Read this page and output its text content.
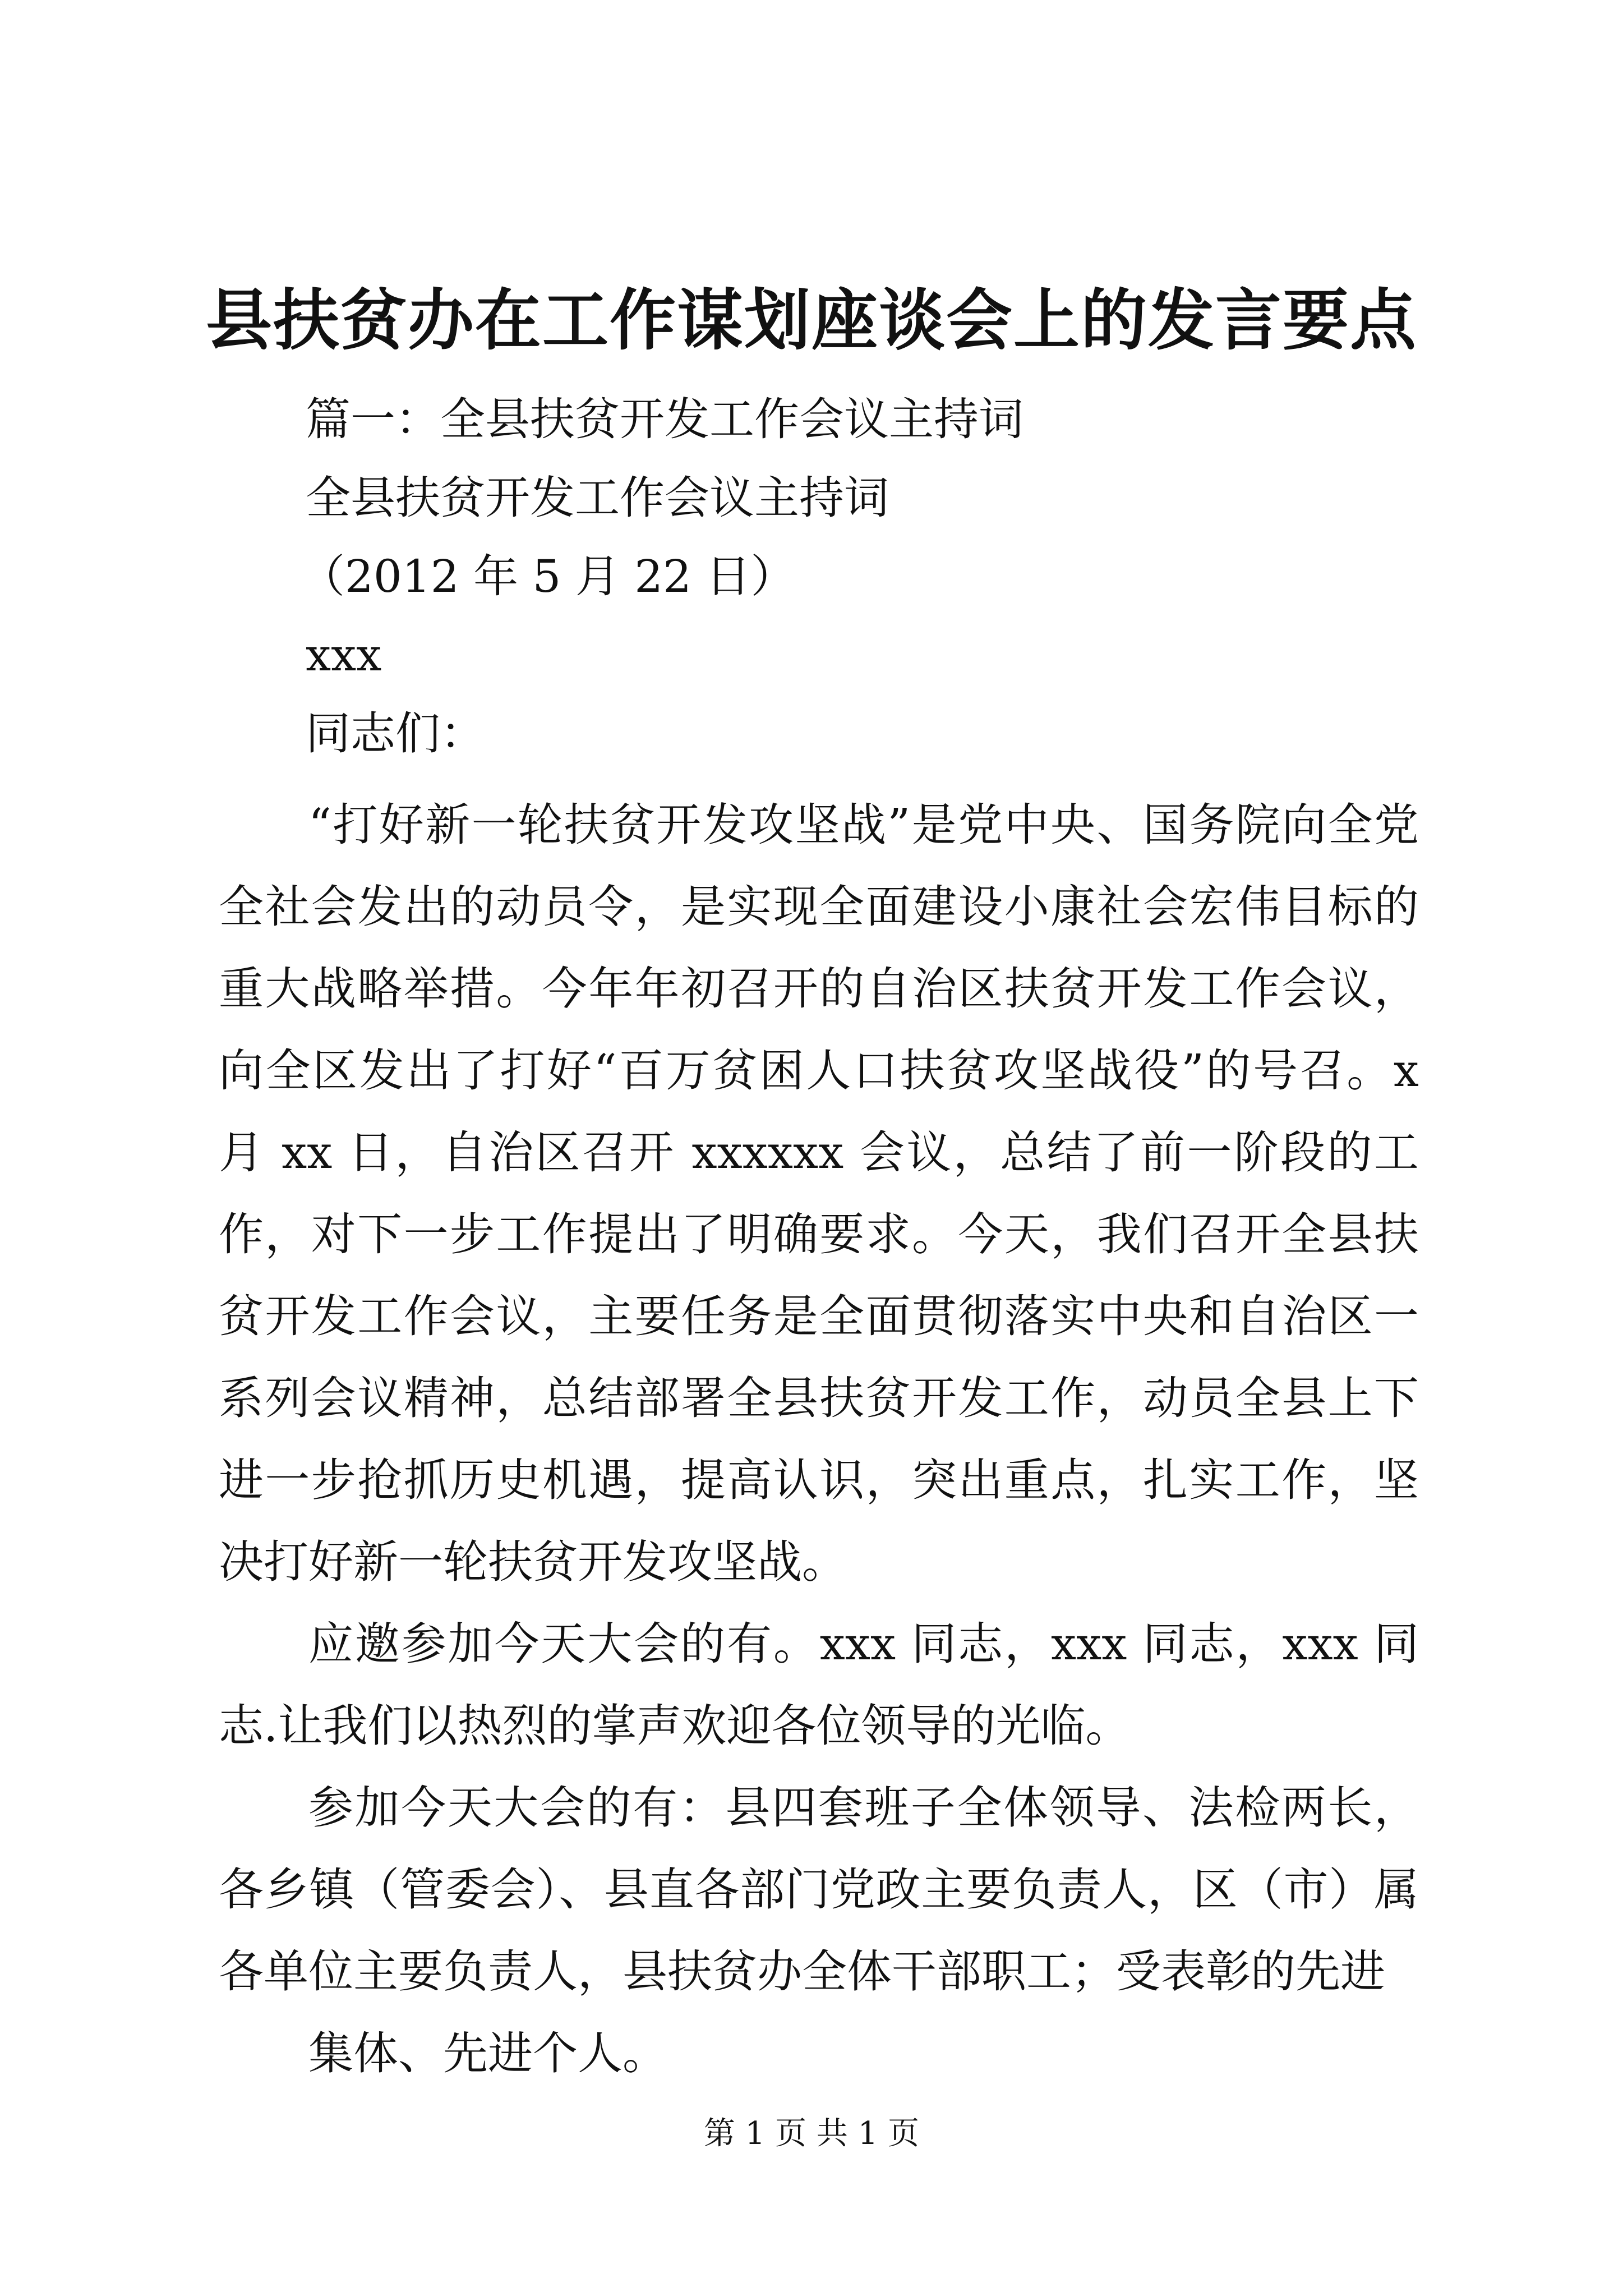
县扶贫办在工作谋划座谈会上的发言要点

篇一：全县扶贫开发工作会议主持词

全县扶贫开发工作会议主持词

（2012 年 5 月 22 日）

xxx

同志们：

“打好新一轮扶贫开发攻坚战”是党中央、国务院向全党全社会发出的动员令，是实现全面建设小康社会宏伟目标的重大战略举措。今年年初召开的自治区扶贫开发工作会议，向全区发出了打好“百万贫困人口扶贫攻坚战役”的号召。x 月 xx 日，自治区召开 xxxxxx 会议，总结了前一阶段的工作，对下一步工作提出了明确要求。今天，我们召开全县扶贫开发工作会议，主要任务是全面贯彻落实中央和自治区一系列会议精神，总结部署全县扶贫开发工作，动员全县上下进一步抢抓历史机遇，提高认识，突出重点，扎实工作，坚决打好新一轮扶贫开发攻坚战。
应邀参加今天大会的有。xxx 同志，xxx 同志，xxx 同志.让我们以热烈的掌声欢迎各位领导的光临。
参加今天大会的有：县四套班子全体领导、法检两长，各乡镇（管委会）、县直各部门党政主要负责人，区（市）属各单位主要负责人，县扶贫办全体干部职工；受表彰的先进
集体、先进个人。
第 1 页 共 1 页
